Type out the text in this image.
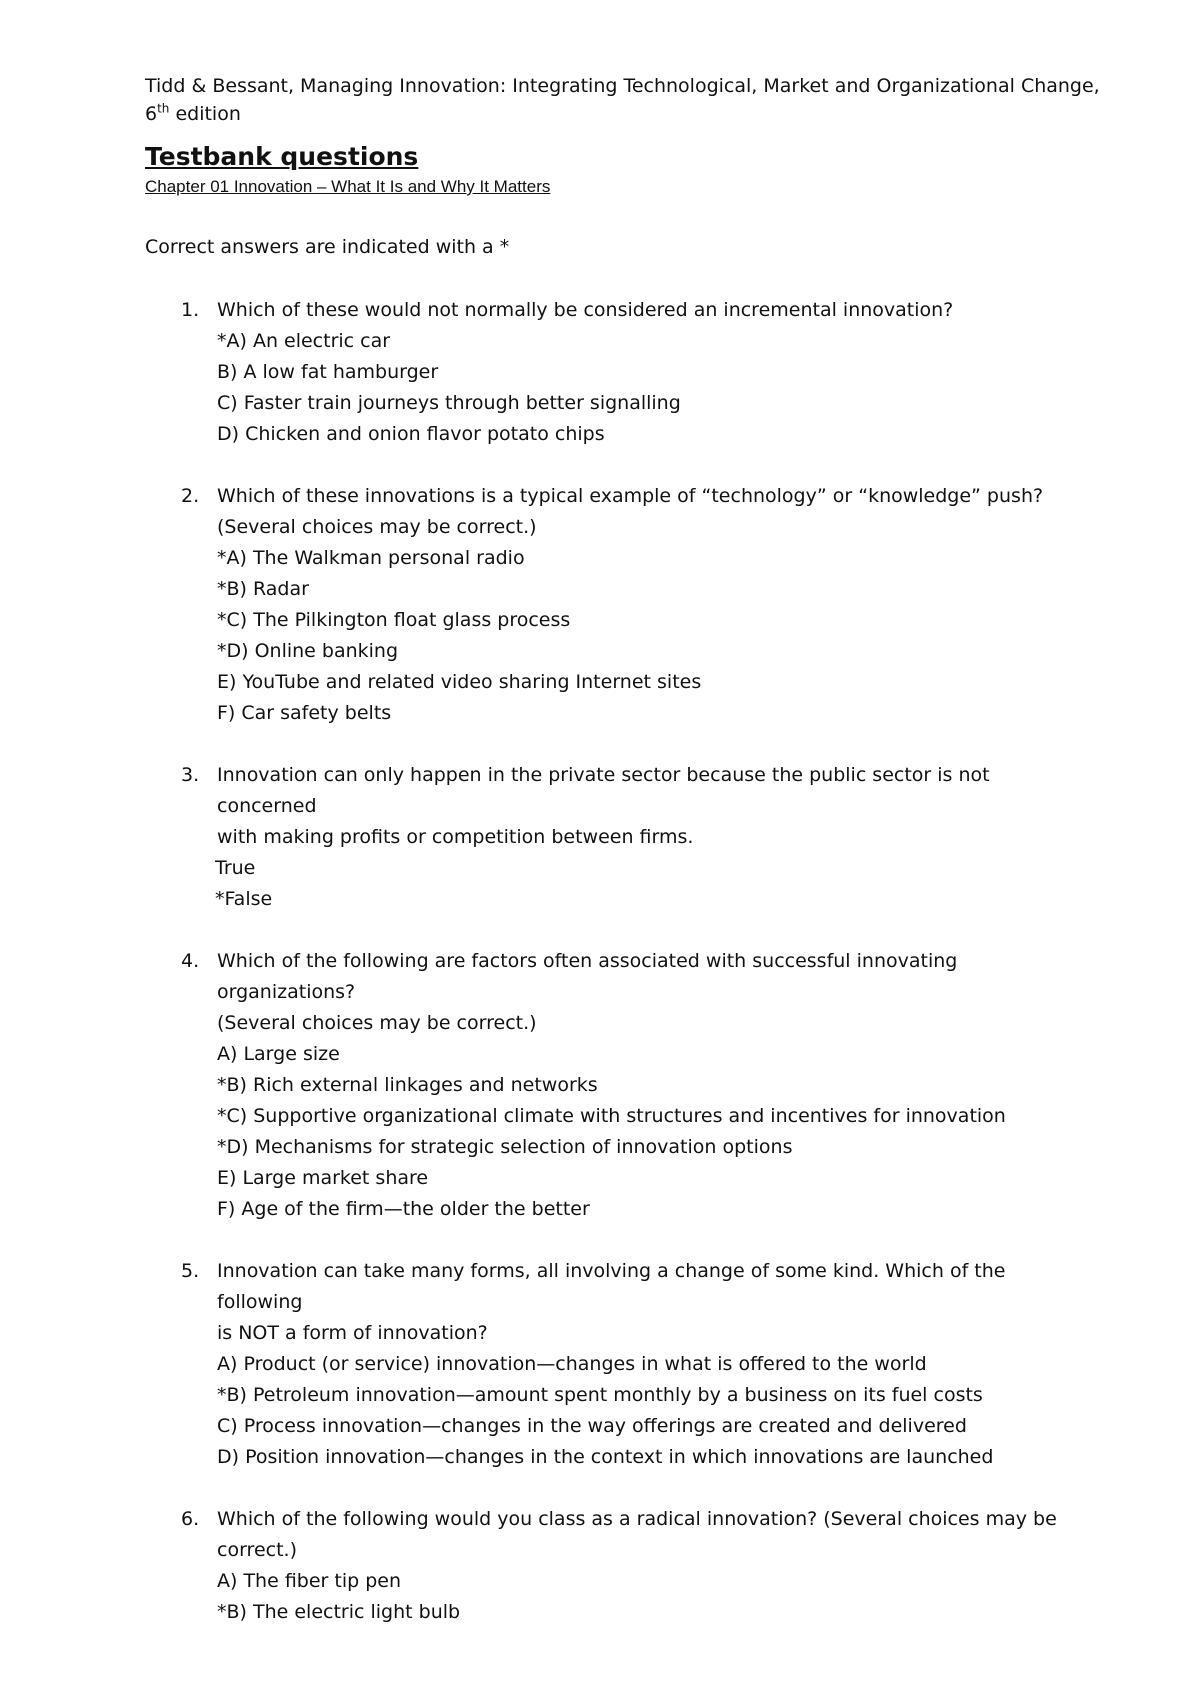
Tidd & Bessant, Managing Innovation: Integrating Technological, Market and Organizational Change,
6th edition
Testbank questions
Chapter 01 Innovation – What It Is and Why It Matters
Correct answers are indicated with a *
1. Which of these would not normally be considered an incremental innovation?
*A) An electric car
B) A low fat hamburger
C) Faster train journeys through better signalling
D) Chicken and onion flavor potato chips
2. Which of these innovations is a typical example of “technology” or “knowledge” push?
(Several choices may be correct.)
*A) The Walkman personal radio
*B) Radar
*C) The Pilkington float glass process
*D) Online banking
E) YouTube and related video sharing Internet sites
F) Car safety belts
3. Innovation can only happen in the private sector because the public sector is not concerned
with making profits or competition between firms.
True
*False
4. Which of the following are factors often associated with successful innovating organizations?
(Several choices may be correct.)
A) Large size
*B) Rich external linkages and networks
*C) Supportive organizational climate with structures and incentives for innovation
*D) Mechanisms for strategic selection of innovation options
E) Large market share
F) Age of the firm—the older the better
5. Innovation can take many forms, all involving a change of some kind. Which of the following
is NOT a form of innovation?
A) Product (or service) innovation—changes in what is offered to the world
*B) Petroleum innovation—amount spent monthly by a business on its fuel costs
C) Process innovation—changes in the way offerings are created and delivered
D) Position innovation—changes in the context in which innovations are launched
6. Which of the following would you class as a radical innovation? (Several choices may be
correct.)
A) The fiber tip pen
*B) The electric light bulb
